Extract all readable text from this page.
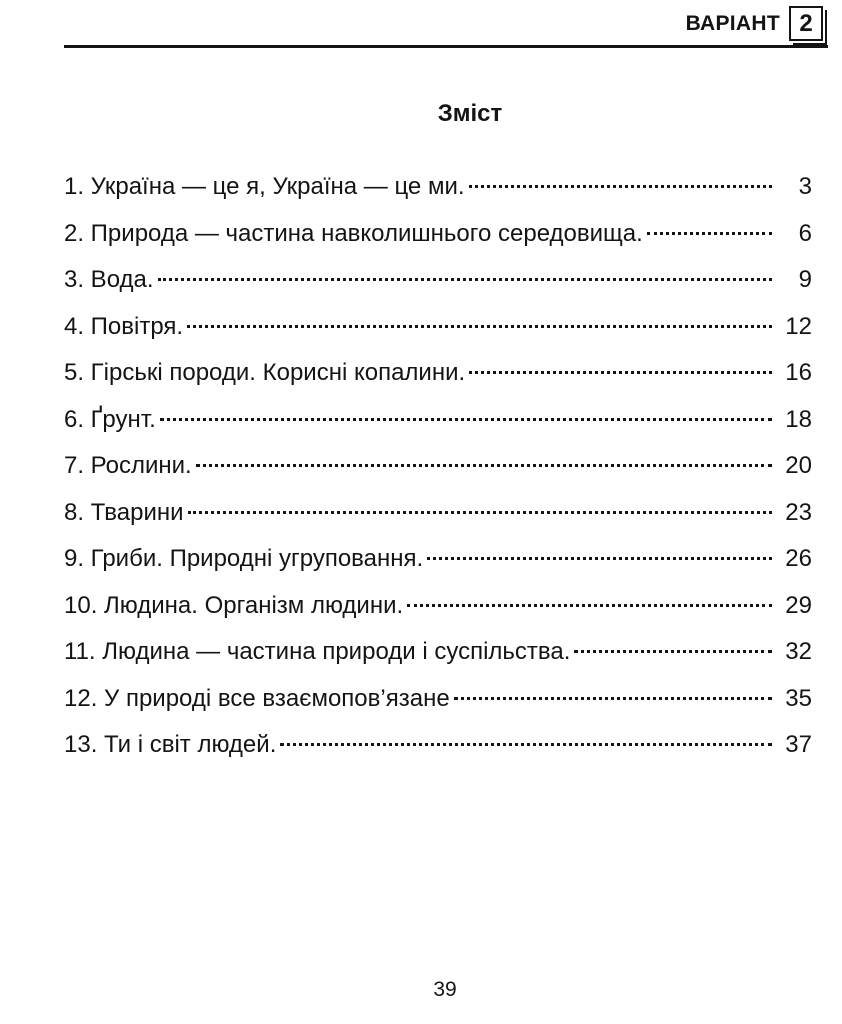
ВАРІАНТ 2
Зміст
1. Україна — це я, Україна — це ми.	3
2. Природа — частина навколишнього середовища.	6
3. Вода.	9
4. Повітря.	12
5. Гірські породи. Корисні копалини.	16
6. Ґрунт.	18
7. Рослини.	20
8. Тварини	23
9. Гриби. Природні угруповання.	26
10. Людина. Організм людини.	29
11. Людина — частина природи і суспільства.	32
12. У природі все взаємопов’язане	35
13. Ти і світ людей.	37
39
